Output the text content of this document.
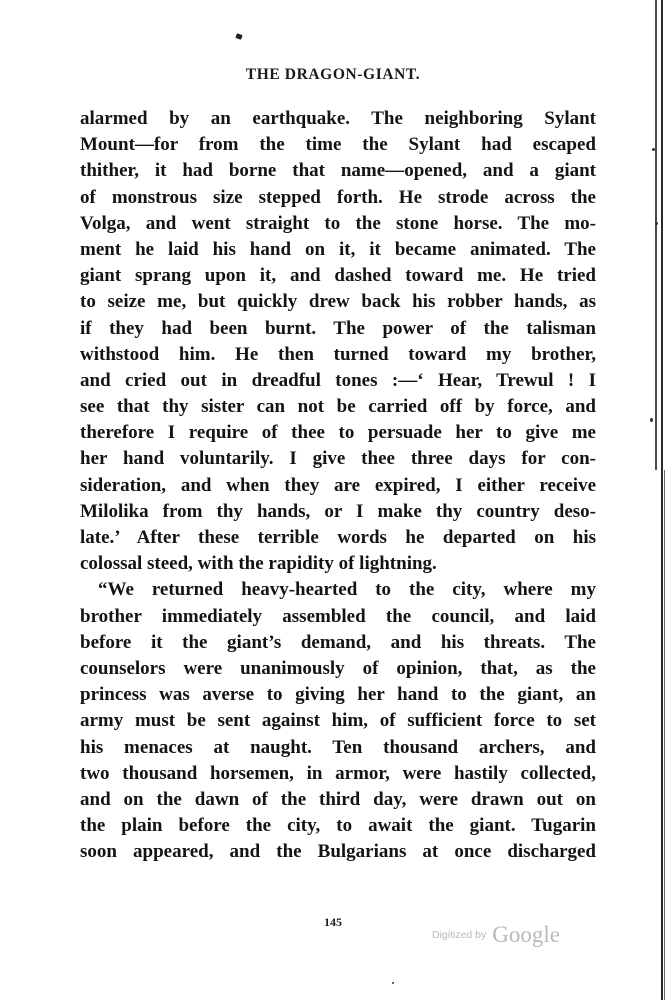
THE DRAGON-GIANT.
alarmed by an earthquake. The neighboring Sylant
Mount—for from the time the Sylant had escaped
thither, it had borne that name—opened, and a giant
of monstrous size stepped forth. He strode across the
Volga, and went straight to the stone horse. The mo-
ment he laid his hand on it, it became animated. The
giant sprang upon it, and dashed toward me. He tried
to seize me, but quickly drew back his robber hands, as
if they had been burnt. The power of the talisman
withstood him. He then turned toward my brother,
and cried out in dreadful tones :—‘ Hear, Trewul ! I
see that thy sister can not be carried off by force, and
therefore I require of thee to persuade her to give me
her hand voluntarily. I give thee three days for con-
sideration, and when they are expired, I either receive
Milolika from thy hands, or I make thy country deso-
late.’ After these terrible words he departed on his
colossal steed, with the rapidity of lightning.
“We returned heavy-hearted to the city, where my
brother immediately assembled the council, and laid
before it the giant’s demand, and his threats. The
counselors were unanimously of opinion, that, as the
princess was averse to giving her hand to the giant, an
army must be sent against him, of sufficient force to set
his menaces at naught. Ten thousand archers, and
two thousand horsemen, in armor, were hastily collected,
and on the dawn of the third day, were drawn out on
the plain before the city, to await the giant. Tugarin
soon appeared, and the Bulgarians at once discharged
145
Digitized by Google
